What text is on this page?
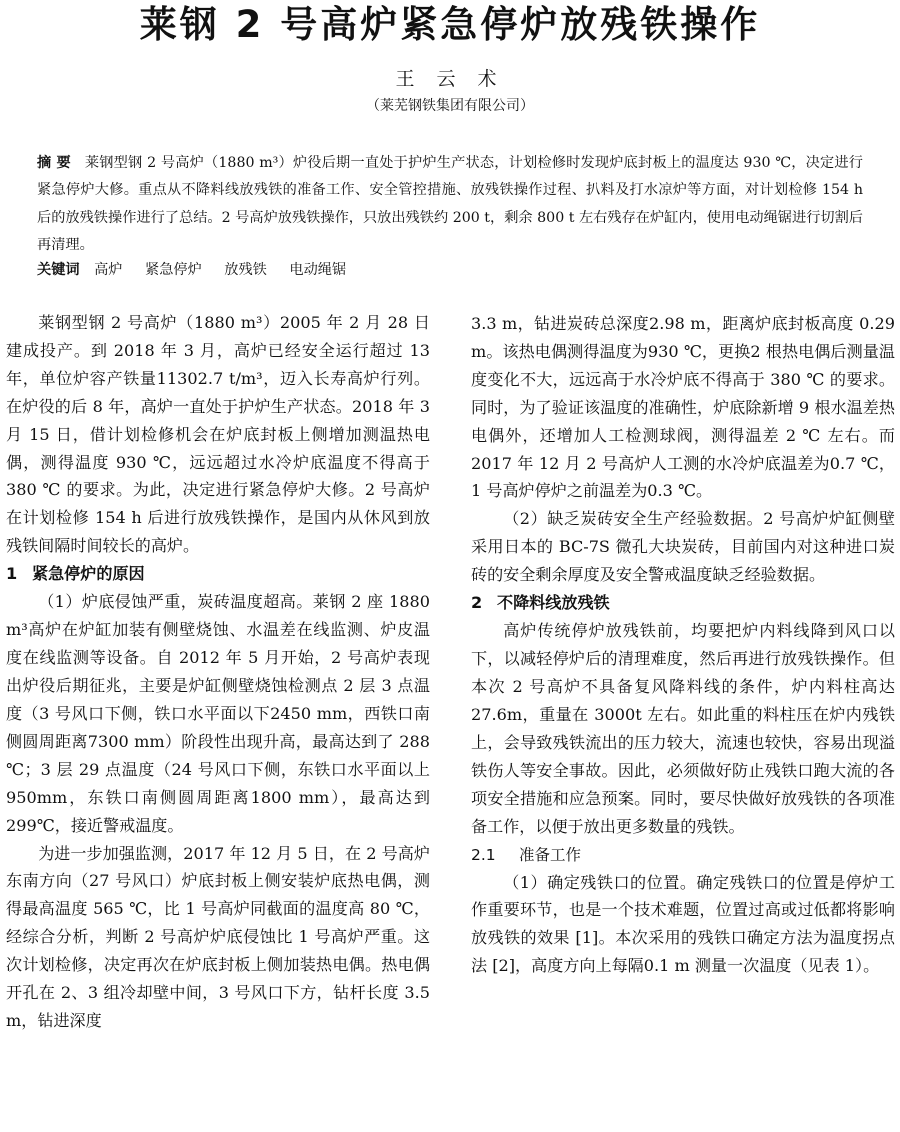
莱钢 2 号高炉紧急停炉放残铁操作
王 云 术
（莱芜钢铁集团有限公司）
摘 要 莱钢型钢 2 号高炉（1880 m³）炉役后期一直处于护炉生产状态，计划检修时发现炉底封板上的温度达 930 ℃，决定进行紧急停炉大修。重点从不降料线放残铁的准备工作、安全管控措施、放残铁操作过程、扒料及打水凉炉等方面，对计划检修 154 h 后的放残铁操作进行了总结。2 号高炉放残铁操作，只放出残铁约 200 t，剩余 800 t 左右残存在炉缸内，使用电动绳锯进行切割后再清理。
关键词 高炉 紧急停炉 放残铁 电动绳锯

莱钢型钢 2 号高炉（1880 m³）2005 年 2 月 28 日建成投产。到 2018 年 3 月，高炉已经安全运行超过 13 年，单位炉容产铁量11302.7 t/m³，迈入长寿高炉行列。在炉役的后 8 年，高炉一直处于护炉生产状态。2018 年 3 月 15 日，借计划检修机会在炉底封板上侧增加测温热电偶，测得温度 930 ℃，远远超过水冷炉底温度不得高于 380 ℃ 的要求。为此，决定进行紧急停炉大修。2 号高炉在计划检修 154 h 后进行放残铁操作，是国内从休风到放残铁间隔时间较长的高炉。

1 紧急停炉的原因

（1）炉底侵蚀严重，炭砖温度超高。莱钢 2 座 1880 m³高炉在炉缸加装有侧壁烧蚀、水温差在线监测、炉皮温度在线监测等设备。自 2012 年 5 月开始，2 号高炉表现出炉役后期征兆，主要是炉缸侧壁烧蚀检测点 2 层 3 点温度（3 号风口下侧，铁口水平面以下2450 mm，西铁口南侧圆周距离7300 mm）阶段性出现升高，最高达到了 288 ℃；3 层 29 点温度（24 号风口下侧，东铁口水平面以上 950mm，东铁口南侧圆周距离1800 mm），最高达到 299℃，接近警戒温度。

为进一步加强监测，2017 年 12 月 5 日，在 2 号高炉东南方向（27 号风口）炉底封板上侧安装炉底热电偶，测得最高温度 565 ℃，比 1 号高炉同截面的温度高 80 ℃，经综合分析，判断 2 号高炉炉底侵蚀比 1 号高炉严重。这次计划检修，决定再次在炉底封板上侧加装热电偶。热电偶开孔在 2、3 组冷却壁中间，3 号风口下方，钻杆长度 3.5 m，钻进深度

3.3 m，钻进炭砖总深度2.98 m，距离炉底封板高度 0.29 m。该热电偶测得温度为930 ℃，更换2 根热电偶后测量温度变化不大，远远高于水冷炉底不得高于 380 ℃ 的要求。同时，为了验证该温度的准确性，炉底除新增 9 根水温差热电偶外，还增加人工检测球阀，测得温差 2 ℃ 左右。而 2017 年 12 月 2 号高炉人工测的水冷炉底温差为0.7 ℃，1 号高炉停炉之前温差为0.3 ℃。

（2）缺乏炭砖安全生产经验数据。2 号高炉炉缸侧壁采用日本的 BC-7S 微孔大块炭砖，目前国内对这种进口炭砖的安全剩余厚度及安全警戒温度缺乏经验数据。

2 不降料线放残铁

高炉传统停炉放残铁前，均要把炉内料线降到风口以下，以减轻停炉后的清理难度，然后再进行放残铁操作。但本次 2 号高炉不具备复风降料线的条件，炉内料柱高达 27.6m，重量在 3000t 左右。如此重的料柱压在炉内残铁上，会导致残铁流出的压力较大，流速也较快，容易出现溢铁伤人等安全事故。因此，必须做好防止残铁口跑大流的各项安全措施和应急预案。同时，要尽快做好放残铁的各项准备工作，以便于放出更多数量的残铁。

2.1 准备工作

（1）确定残铁口的位置。确定残铁口的位置是停炉工作重要环节，也是一个技术难题，位置过高或过低都将影响放残铁的效果 [1]。本次采用的残铁口确定方法为温度拐点法 [2]，高度方向上每隔0.1 m 测量一次温度（见表 1）。
